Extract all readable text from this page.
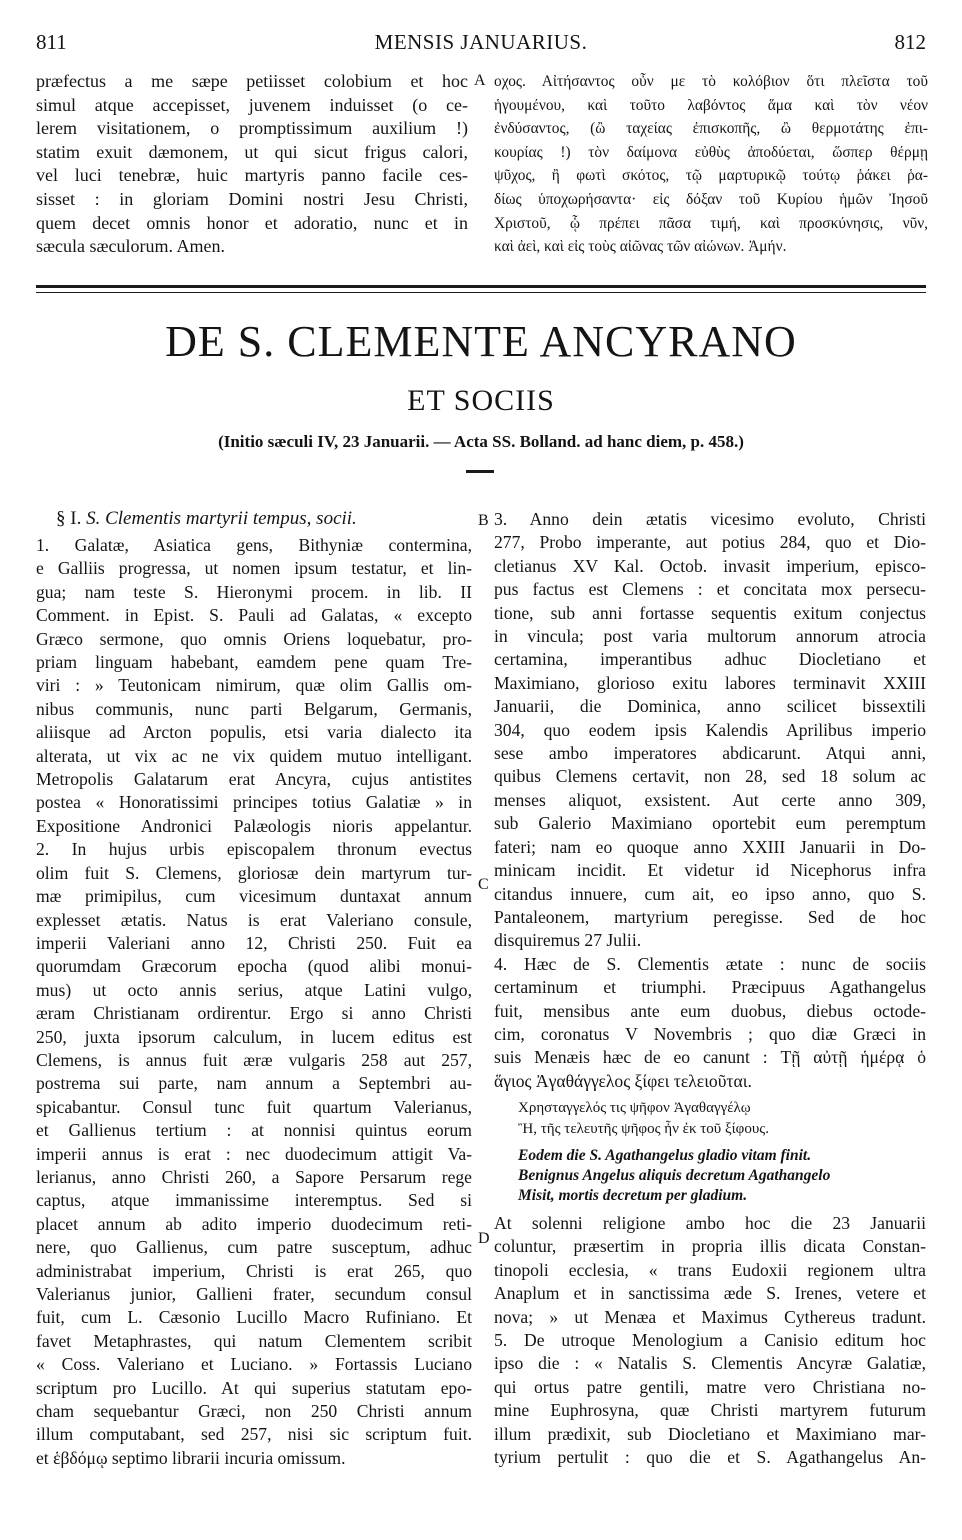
811	MENSIS JANUARIUS.	812
præfectus a me sæpe petiisset colobium et hoc
simul atque accepisset, juvenem induisset (o ce-
lerem visitationem, o promptissimum auxilium !)
statim exuit dæmonem, ut qui sicut frigus calori,
vel luci tenebræ, huic martyris panno facile ces-
sisset : in gloriam Domini nostri Jesu Christi,
quem decet omnis honor et adoratio, nunc et in
sæcula sæculorum. Amen.
οχος. Αἰτήσαντος οὖν με τὸ κολόβιον ὅτι πλεῖστα τοῦ
ἡγουμένου, καὶ τοῦτο λαβόντος ἅμα καὶ τὸν νέον
ἐνδύσαντος, (ὢ ταχείας ἐπισκοπῆς, ὢ θερμοτάτης ἐπι-
κουρίας !) τὸν δαίμονα εὐθὺς ἀποδύεται, ὥσπερ θέρμῃ
ψῦχος, ἢ φωτὶ σκότος, τῷ μαρτυρικῷ τούτῳ ῥάκει ῥα-
δίως ὑποχωρήσαντα· εἰς δόξαν τοῦ Κυρίου ἡμῶν Ἰησοῦ
Χριστοῦ, ᾧ πρέπει πᾶσα τιμή, καὶ προσκύνησις, νῦν,
καὶ ἀεὶ, καὶ εἰς τοὺς αἰῶνας τῶν αἰώνων. Ἀμήν.
A
DE S. CLEMENTE ANCYRANO
ET SOCIIS
(Initio sæculi IV, 23 Januarii. — Acta SS. Bolland. ad hanc diem, p. 458.)
§ I. S. Clementis martyrii tempus, socii.	B
1. Galatæ, Asiatica gens, Bithyniæ contermina,
e Galliis progressa, ut nomen ipsum testatur, et lin-
gua; nam teste S. Hieronymi procem. in lib. II
Comment. in Epist. S. Pauli ad Galatas, « excepto
Græco sermone, quo omnis Oriens loquebatur, pro-
priam linguam habebant, eamdem pene quam Tre-
viri : » Teutonicam nimirum, quæ olim Gallis om-
nibus communis, nunc parti Belgarum, Germanis,
aliisque ad Arcton populis, etsi varia dialecto ita
alterata, ut vix ac ne vix quidem mutuo intelligant.
Metropolis Galatarum erat Ancyra, cujus antistites
postea « Honoratissimi principes totius Galatiæ » in
Expositione Andronici Palæologis nioris appelantur.
2. In hujus urbis episcopalem thronum evectus
olim fuit S. Clemens, gloriosæ dein martyrum tur-
mæ primipilus, cum vicesimum duntaxat annum
explesset ætatis. Natus is erat Valeriano consule,
imperii Valeriani anno 12, Christi 250. Fuit ea
quorumdam Græcorum epocha (quod alibi monui-
mus) ut octo annis serius, atque Latini vulgo,
æram Christianam ordirentur. Ergo si anno Christi
250, juxta ipsorum calculum, in lucem editus est
Clemens, is annus fuit æræ vulgaris 258 aut 257,
postrema sui parte, nam annum a Septembri au-
spicabantur. Consul tunc fuit quartum Valerianus,
et Gallienus tertium : at nonnisi quintus eorum
imperii annus is erat : nec duodecimum attigit Va-
lerianus, anno Christi 260, a Sapore Persarum rege
captus, atque immanissime interemptus. Sed si
placet annum ab adito imperio duodecimum reti-
nere, quo Gallienus, cum patre susceptum, adhuc
administrabat imperium, Christi is erat 265, quo
Valerianus junior, Gallieni frater, secundum consul
fuit, cum L. Cæsonio Lucillo Macro Rufiniano. Et
favet Metaphrastes, qui natum Clementem scribit
« Coss. Valeriano et Luciano. » Fortassis Luciano
scriptum pro Lucillo. At qui superius statutam epo-
cham sequebantur Græci, non 250 Christi annum
illum computabant, sed 257, nisi sic scriptum fuit.
et ἑβδόμῳ septimo librarii incuria omissum.
3. Anno dein ætatis vicesimo evoluto, Christi
277, Probo imperante, aut potius 284, quo et Dio-
cletianus XV Kal. Octob. invasit imperium, episco-
pus factus est Clemens : et concitata mox persecu-
tione, sub anni fortasse sequentis exitum conjectus
in vincula; post varia multorum annorum atrocia
certamina, imperantibus adhuc Diocletiano et
Maximiano, glorioso exitu labores terminavit XXIII
Januarii, die Dominica, anno scilicet bissextili
304, quo eodem ipsis Kalendis Aprilibus imperio
sese ambo imperatores abdicarunt. Atqui anni,
quibus Clemens certavit, non 28, sed 18 solum ac
menses aliquot, exsistent. Aut certe anno 309,
sub Galerio Maximiano oportebit eum peremptum
fateri; nam eo quoque anno XXIII Januarii in Do-
minicam incidit. Et videtur id Nicephorus infra
citandus innuere, cum ait, eo ipso anno, quo S.
Pantaleonem, martyrium peregisse. Sed de hoc
disquiremus 27 Julii.
4. Hæc de S. Clementis ætate : nunc de sociis
certaminum et triumphi. Præcipuus Agathangelus
fuit, mensibus ante eum duobus, diebus octode-
cim, coronatus V Novembris ; quo diæ Græci in
suis Menæis hæc de eo canunt : Τῇ αὐτῇ ἡμέρᾳ ὁ
ἅγιος Ἀγαθάγγελος ξίφει τελειοῦται.
C
Χρησταγγελός τις ψῆφον Ἀγαθαγγέλῳ
Ἢ, τῆς τελευτῆς ψῆφος ἦν ἐκ τοῦ ξίφους.
Eodem die S. Agathangelus gladio vitam finit.
Benignus Angelus aliquis decretum Agathangelo
Misit, mortis decretum per gladium.
At solenni religione ambo hoc die 23 Januarii
coluntur, præsertim in propria illis dicata Constan-
tinopoli ecclesia, « trans Eudoxii regionem ultra
Anaplum et in sanctissima æde S. Irenes, vetere et
nova; » ut Menæa et Maximus Cythereus tradunt.
5. De utroque Menologium a Canisio editum hoc
ipso die : « Natalis S. Clementis Ancyræ Galatiæ,
qui ortus patre gentili, matre vero Christiana no-
mine Euphrosyna, quæ Christi martyrem futurum
illum prædixit, sub Diocletiano et Maximiano mar-
tyrium pertulit : quo die et S. Agathangelus An-
D
